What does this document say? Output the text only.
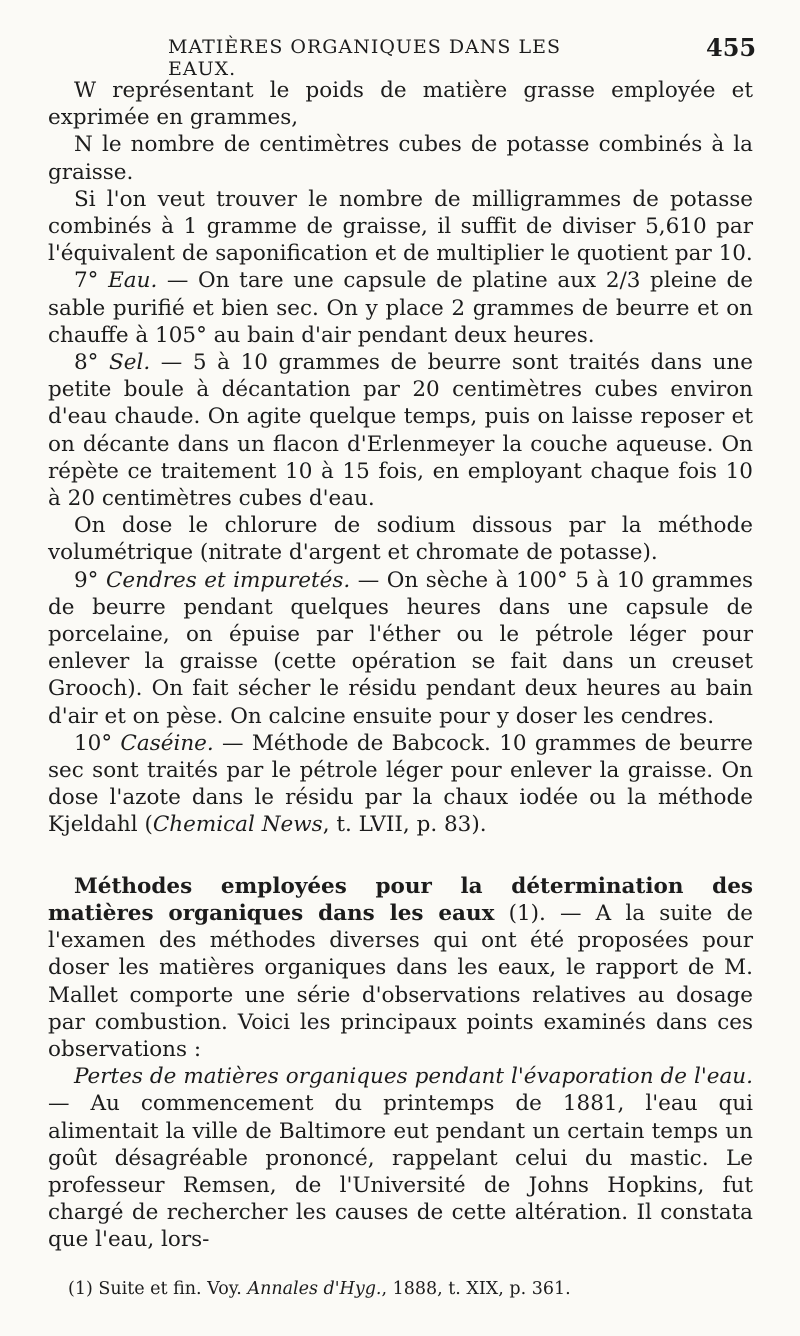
MATIÈRES ORGANIQUES DANS LES EAUX.
455

W représentant le poids de matière grasse employée et exprimée en grammes,

N le nombre de centimètres cubes de potasse combinés à la graisse.

Si l'on veut trouver le nombre de milligrammes de potasse combinés à 1 gramme de graisse, il suffit de diviser 5,610 par l'équivalent de saponification et de multiplier le quotient par 10.

7° Eau. — On tare une capsule de platine aux 2/3 pleine de sable purifié et bien sec. On y place 2 grammes de beurre et on chauffe à 105° au bain d'air pendant deux heures.

8° Sel. — 5 à 10 grammes de beurre sont traités dans une petite boule à décantation par 20 centimètres cubes environ d'eau chaude. On agite quelque temps, puis on laisse reposer et on décante dans un flacon d'Erlenmeyer la couche aqueuse. On répète ce traitement 10 à 15 fois, en employant chaque fois 10 à 20 centimètres cubes d'eau.

On dose le chlorure de sodium dissous par la méthode volumétrique (nitrate d'argent et chromate de potasse).

9° Cendres et impuretés. — On sèche à 100° 5 à 10 grammes de beurre pendant quelques heures dans une capsule de porcelaine, on épuise par l'éther ou le pétrole léger pour enlever la graisse (cette opération se fait dans un creuset Grooch). On fait sécher le résidu pendant deux heures au bain d'air et on pèse. On calcine ensuite pour y doser les cendres.

10° Caséine. — Méthode de Babcock. 10 grammes de beurre sec sont traités par le pétrole léger pour enlever la graisse. On dose l'azote dans le résidu par la chaux iodée ou la méthode Kjeldahl (Chemical News, t. LVII, p. 83).

Méthodes employées pour la détermination des matières organiques dans les eaux (1). — A la suite de l'examen des méthodes diverses qui ont été proposées pour doser les matières organiques dans les eaux, le rapport de M. Mallet comporte une série d'observations relatives au dosage par combustion. Voici les principaux points examinés dans ces observations :

Pertes de matières organiques pendant l'évaporation de l'eau. — Au commencement du printemps de 1881, l'eau qui alimentait la ville de Baltimore eut pendant un certain temps un goût désagréable prononcé, rappelant celui du mastic. Le professeur Remsen, de l'Université de Johns Hopkins, fut chargé de rechercher les causes de cette altération. Il constata que l'eau, lors-

(1) Suite et fin. Voy. Annales d'Hyg., 1888, t. XIX, p. 361.
